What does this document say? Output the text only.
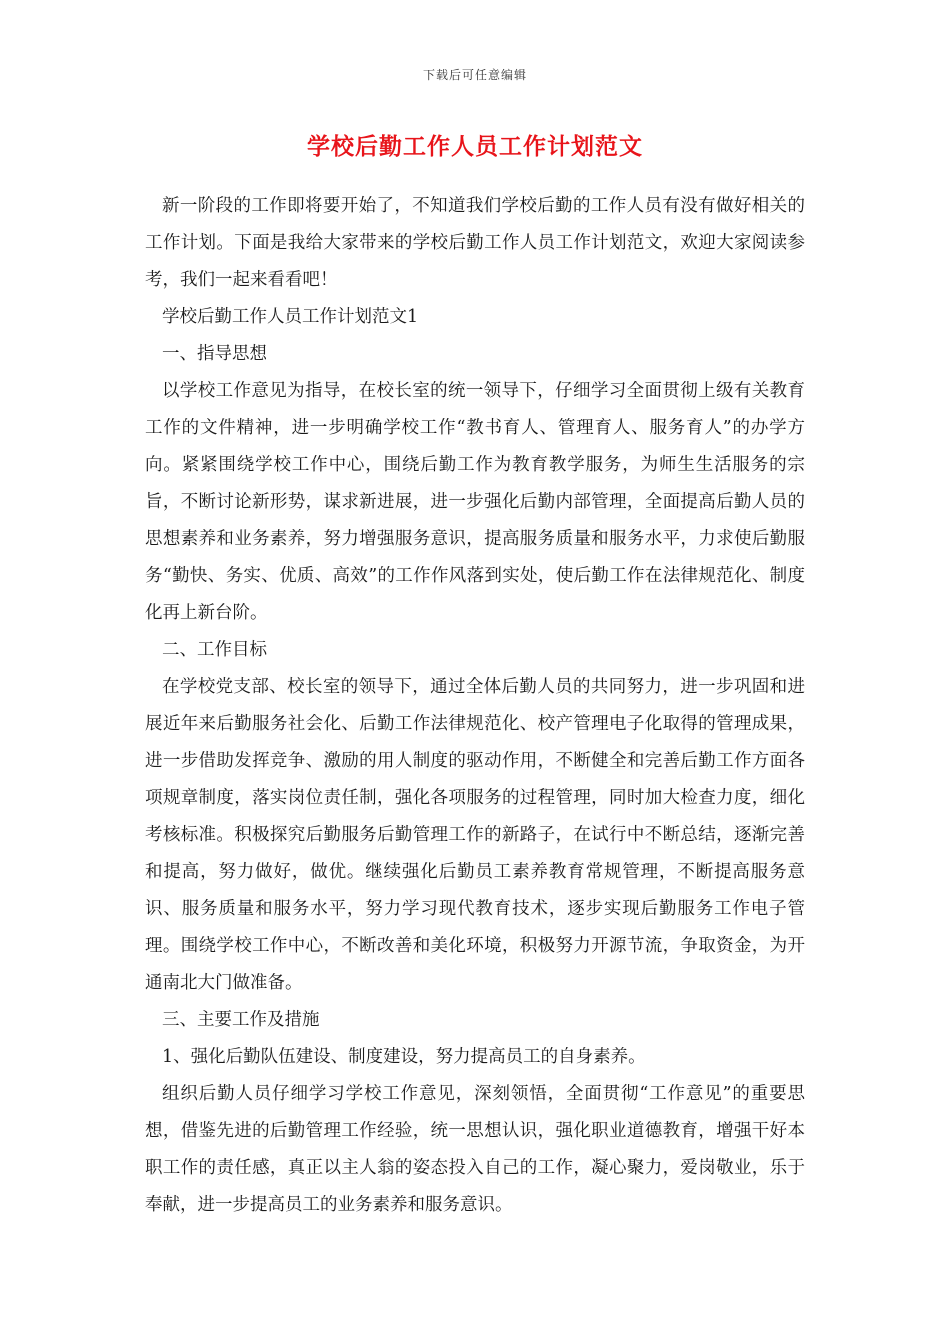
下载后可任意编辑
学校后勤工作人员工作计划范文

新一阶段的工作即将要开始了，不知道我们学校后勤的工作人员有没有做好相关的工作计划。下面是我给大家带来的学校后勤工作人员工作计划范文，欢迎大家阅读参考，我们一起来看看吧！

学校后勤工作人员工作计划范文1

一、指导思想

以学校工作意见为指导，在校长室的统一领导下，仔细学习全面贯彻上级有关教育工作的文件精神，进一步明确学校工作“教书育人、管理育人、服务育人”的办学方向。紧紧围绕学校工作中心，围绕后勤工作为教育教学服务，为师生生活服务的宗旨，不断讨论新形势，谋求新进展，进一步强化后勤内部管理，全面提高后勤人员的思想素养和业务素养，努力增强服务意识，提高服务质量和服务水平，力求使后勤服务“勤快、务实、优质、高效”的工作作风落到实处，使后勤工作在法律规范化、制度化再上新台阶。

二、工作目标

在学校党支部、校长室的领导下，通过全体后勤人员的共同努力，进一步巩固和进展近年来后勤服务社会化、后勤工作法律规范化、校产管理电子化取得的管理成果，进一步借助发挥竞争、激励的用人制度的驱动作用，不断健全和完善后勤工作方面各项规章制度，落实岗位责任制，强化各项服务的过程管理，同时加大检查力度，细化考核标准。积极探究后勤服务后勤管理工作的新路子，在试行中不断总结，逐渐完善和提高，努力做好，做优。继续强化后勤员工素养教育常规管理，不断提高服务意识、服务质量和服务水平，努力学习现代教育技术，逐步实现后勤服务工作电子管理。围绕学校工作中心，不断改善和美化环境，积极努力开源节流，争取资金，为开通南北大门做准备。

三、主要工作及措施

1、强化后勤队伍建设、制度建设，努力提高员工的自身素养。

组织后勤人员仔细学习学校工作意见，深刻领悟，全面贯彻“工作意见”的重要思想，借鉴先进的后勤管理工作经验，统一思想认识，强化职业道德教育，增强干好本职工作的责任感，真正以主人翁的姿态投入自己的工作，凝心聚力，爱岗敬业，乐于奉献，进一步提高员工的业务素养和服务意识。
